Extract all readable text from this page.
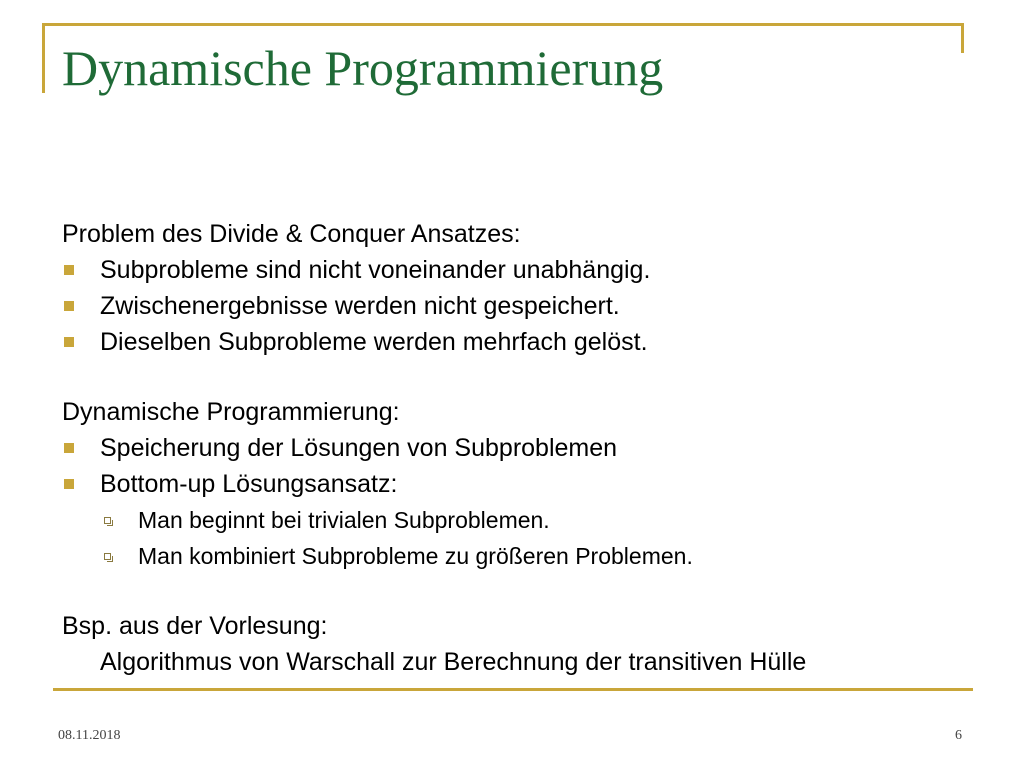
Dynamische Programmierung
Problem des Divide & Conquer Ansatzes:
Subprobleme sind nicht voneinander unabhängig.
Zwischenergebnisse werden nicht gespeichert.
Dieselben Subprobleme werden mehrfach gelöst.
Dynamische Programmierung:
Speicherung der Lösungen von Subproblemen
Bottom-up Lösungsansatz:
Man beginnt bei trivialen Subproblemen.
Man kombiniert Subprobleme zu größeren Problemen.
Bsp. aus der Vorlesung:
Algorithmus von Warschall zur Berechnung der transitiven Hülle
08.11.2018	6
